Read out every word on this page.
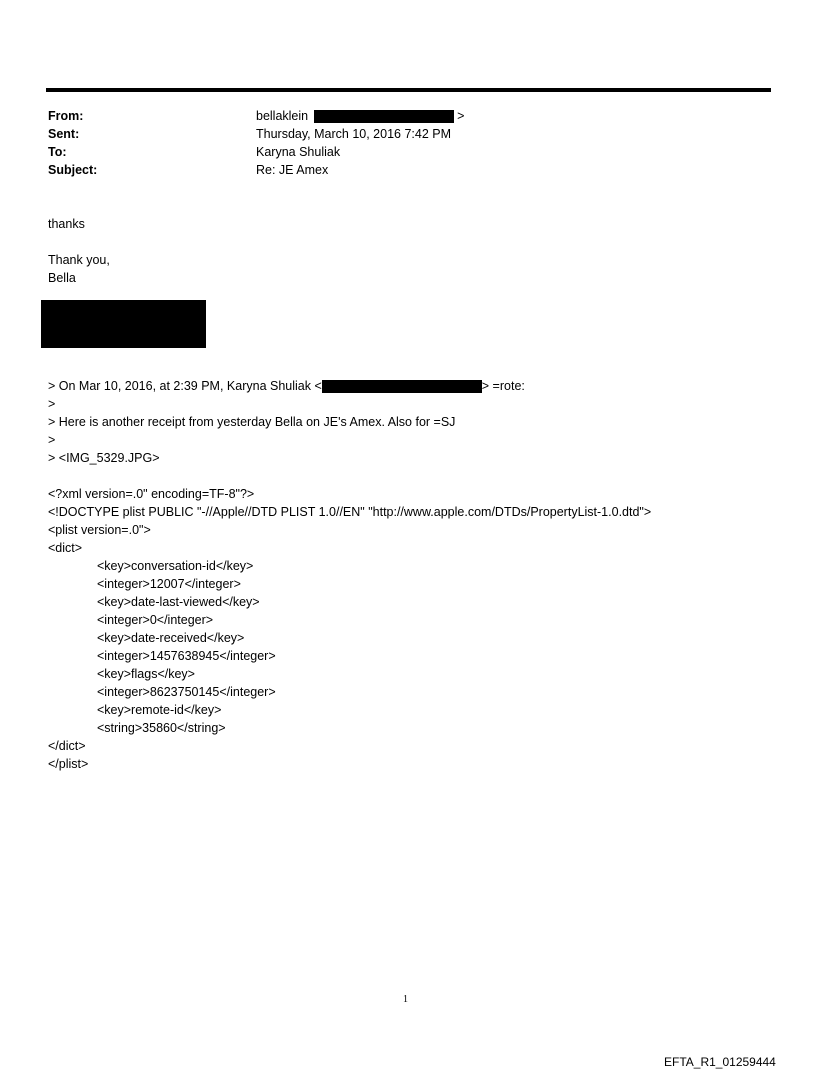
From:	bellaklein	>
Sent:	Thursday, March 10, 2016 7:42 PM
To:	Karyna Shuliak
Subject:	Re: JE Amex
thanks
Thank you,
Bella
> On Mar 10, 2016, at 2:39 PM, Karyna Shuliak <	> =rote:
>
> Here is another receipt from yesterday Bella on JE's Amex. Also for =SJ
>
> <IMG_5329.JPG>
<?xml version=.0" encoding=TF-8"?>
<!DOCTYPE plist PUBLIC "-//Apple//DTD PLIST 1.0//EN" "http://www.apple.com/DTDs/PropertyList-1.0.dtd">
<plist version=.0">
<dict>
<key>conversation-id</key>
<integer>12007</integer>
<key>date-last-viewed</key>
<integer>0</integer>
<key>date-received</key>
<integer>1457638945</integer>
<key>flags</key>
<integer>8623750145</integer>
<key>remote-id</key>
<string>35860</string>
</dict>
</plist>
1
EFTA_R1_01259444
